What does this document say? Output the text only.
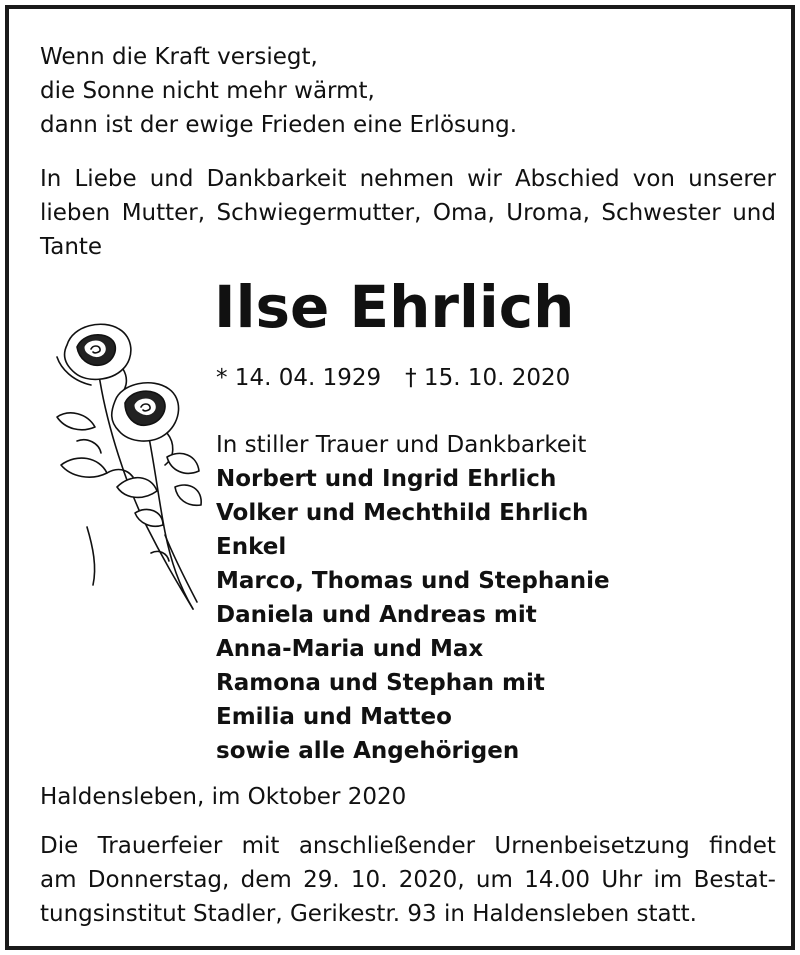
Wenn die Kraft versiegt,
die Sonne nicht mehr wärmt,
dann ist der ewige Frieden eine Erlösung.
In Liebe und Dankbarkeit nehmen wir Abschied von unserer
lieben Mutter, Schwiegermutter, Oma, Uroma, Schwester und
Tante
Ilse Ehrlich
* 14. 04. 1929 † 15. 10. 2020
In stiller Trauer und Dankbarkeit
Norbert und Ingrid Ehrlich
Volker und Mechthild Ehrlich
Enkel
Marco, Thomas und Stephanie
Daniela und Andreas mit
Anna-Maria und Max
Ramona und Stephan mit
Emilia und Matteo
sowie alle Angehörigen
Haldensleben, im Oktober 2020
Die Trauerfeier mit anschließender Urnenbeisetzung findet
am Donnerstag, dem 29. 10. 2020, um 14.00 Uhr im Bestat-
tungsinstitut Stadler, Gerikestr. 93 in Haldensleben statt.
